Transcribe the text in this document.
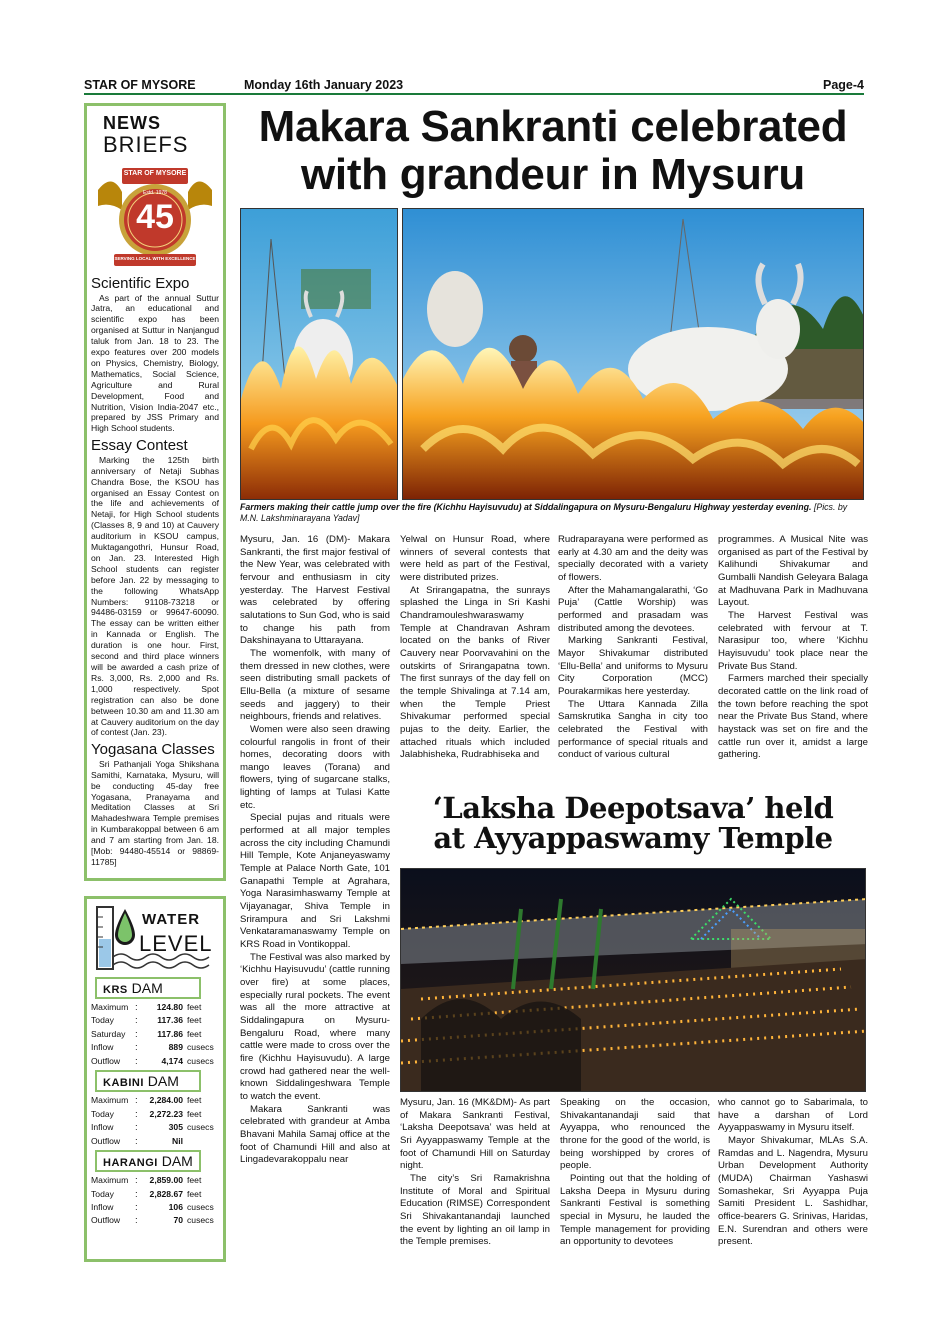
STAR OF MYSORE	Monday 16th January 2023	Page-4
NEWS
BRIEFS
STAR OF MYSORE
45
Estd. 1978
SERVING LOCAL WITH EXCELLENCE
Scientific Expo
As part of the annual Suttur Jatra, an educational and scientific expo has been organised at Suttur in Nanjangud taluk from Jan. 18 to 23. The expo features over 200 models on Physics, Chemistry, Biology, Mathematics, Social Science, Agriculture and Rural Development, Food and Nutrition, Vision India-2047 etc., prepared by JSS Primary and High School students.
Essay Contest
Marking the 125th birth anniversary of Netaji Subhas Chandra Bose, the KSOU has organised an Essay Contest on the life and achievements of Netaji, for High School students (Classes 8, 9 and 10) at Cauvery auditorium in KSOU campus, Muktagangothri, Hunsur Road, on Jan. 23. Interested High School students can register before Jan. 22 by messaging to the following WhatsApp Numbers: 91108-73218 or 94486-03159 or 99647-60090. The essay can be written either in Kannada or English. The duration is one hour. First, second and third place winners will be awarded a cash prize of Rs. 3,000, Rs. 2,000 and Rs. 1,000 respectively. Spot registration can also be done between 10.30 am and 11.30 am at Cauvery auditorium on the day of contest (Jan. 23).
Yogasana Classes
Sri Pathanjali Yoga Shikshana Samithi, Karnataka, Mysuru, will be conducting 45-day free Yogasana, Pranayama and Meditation Classes at Sri Mahadeshwara Temple premises in Kumbarakoppal between 6 am and 7 am starting from Jan. 18. [Mob: 94480-45514 or 98869-11785]
WATER
LEVEL
KRS DAM
Maximum	:	124.80	feet
Today	:	117.36	feet
Saturday	:	117.86	feet
Inflow	:	889	cusecs
Outflow	:	4,174	cusecs
KABINI DAM
Maximum	:	2,284.00	feet
Today	:	2,272.23	feet
Inflow	:	305	cusecs
Outflow	:	Nil	
HARANGI DAM
Maximum	:	2,859.00	feet
Today	:	2,828.67	feet
Inflow	:	106	cusecs
Outflow	:	70	cusecs
Makara Sankranti celebrated
with grandeur in Mysuru
Farmers making their cattle jump over the fire (Kichhu Hayisuvudu) at Siddalingapura on Mysuru-Bengaluru Highway yesterday evening. [Pics. by M.N. Lakshminarayana Yadav]

Mysuru, Jan. 16 (DM)- Makara Sankranti, the first major festival of the New Year, was celebrated with fervour and enthusiasm in city yesterday. The Harvest Festival was celebrated by offering salutations to Sun God, who is said to change his path from Dakshinayana to Uttarayana.

The womenfolk, with many of them dressed in new clothes, were seen distributing small packets of Ellu-Bella (a mixture of sesame seeds and jaggery) to their neighbours, friends and relatives.

Women were also seen drawing colourful rangolis in front of their homes, decorating doors with mango leaves (Torana) and flowers, tying of sugarcane stalks, lighting of lamps at Tulasi Katte etc.

Special pujas and rituals were performed at all major temples across the city including Chamundi Hill Temple, Kote Anjaneyaswamy Temple at Palace North Gate, 101 Ganapathi Temple at Agrahara, Yoga Narasimhaswamy Temple at Vijayanagar, Shiva Temple in Srirampura and Sri Lakshmi Venkataramanaswamy Temple on KRS Road in Vontikoppal.

The Festival was also marked by ‘Kichhu Hayisuvudu’ (cattle running over fire) at some places, especially rural pockets. The event was all the more attractive at Siddalingapura on Mysuru-Bengaluru Road, where many cattle were made to cross over the fire (Kichhu Hayisuvudu). A large crowd had gathered near the well-known Siddalingeshwara Temple to watch the event.

Makara Sankranti was celebrated with grandeur at Amba Bhavani Mahila Samaj office at the foot of Chamundi Hill and also at Lingadevarakoppalu near

Yelwal on Hunsur Road, where winners of several contests that were held as part of the Festival, were distributed prizes.

At Srirangapatna, the sunrays splashed the Linga in Sri Kashi Chandramouleshwaraswamy Temple at Chandravan Ashram located on the banks of River Cauvery near Poorvavahini on the outskirts of Srirangapatna town. The first sunrays of the day fell on the temple Shivalinga at 7.14 am, when the Temple Priest Shivakumar performed special pujas to the deity. Earlier, the attached rituals which included Jalabhisheka, Rudrabhiseka and

Rudraparayana were performed as early at 4.30 am and the deity was specially decorated with a variety of flowers.

After the Mahamangalarathi, ‘Go Puja’ (Cattle Worship) was performed and prasadam was distributed among the devotees.

Marking Sankranti Festival, Mayor Shivakumar distributed ‘Ellu-Bella’ and uniforms to Mysuru City Corporation (MCC) Pourakarmikas here yesterday.

The Uttara Kannada Zilla Samskrutika Sangha in city too celebrated the Festival with performance of special rituals and conduct of various cultural

programmes. A Musical Nite was organised as part of the Festival by Kalihundi Shivakumar and Gumballi Nandish Geleyara Balaga at Madhuvana Park in Madhuvana Layout.

The Harvest Festival was celebrated with fervour at T. Narasipur too, where ‘Kichhu Hayisuvudu’ took place near the Private Bus Stand.

Farmers marched their specially decorated cattle on the link road of the town before reaching the spot near the Private Bus Stand, where haystack was set on fire and the cattle run over it, amidst a large gathering.

‘Laksha Deepotsava’ held
at Ayyappaswamy Temple

Mysuru, Jan. 16 (MK&DM)- As part of Makara Sankranti Festival, ‘Laksha Deepotsava’ was held at Sri Ayyappaswamy Temple at the foot of Chamundi Hill on Saturday night.

The city’s Sri Ramakrishna Institute of Moral and Spiritual Education (RIMSE) Correspondent Sri Shivakantanandaji launched the event by lighting an oil lamp in the Temple premises.

Speaking on the occasion, Shivakantanandaji said that Ayyappa, who renounced the throne for the good of the world, is being worshipped by crores of people.

Pointing out that the holding of Laksha Deepa in Mysuru during Sankranti Festival is something special in Mysuru, he lauded the Temple management for providing an opportunity to devotees

who cannot go to Sabarimala, to have a darshan of Lord Ayyappaswamy in Mysuru itself.

Mayor Shivakumar, MLAs S.A. Ramdas and L. Nagendra, Mysuru Urban Development Authority (MUDA) Chairman Yashaswi Somashekar, Sri Ayyappa Puja Samiti President L. Sashidhar, office-bearers G. Srinivas, Haridas, E.N. Surendran and others were present.
